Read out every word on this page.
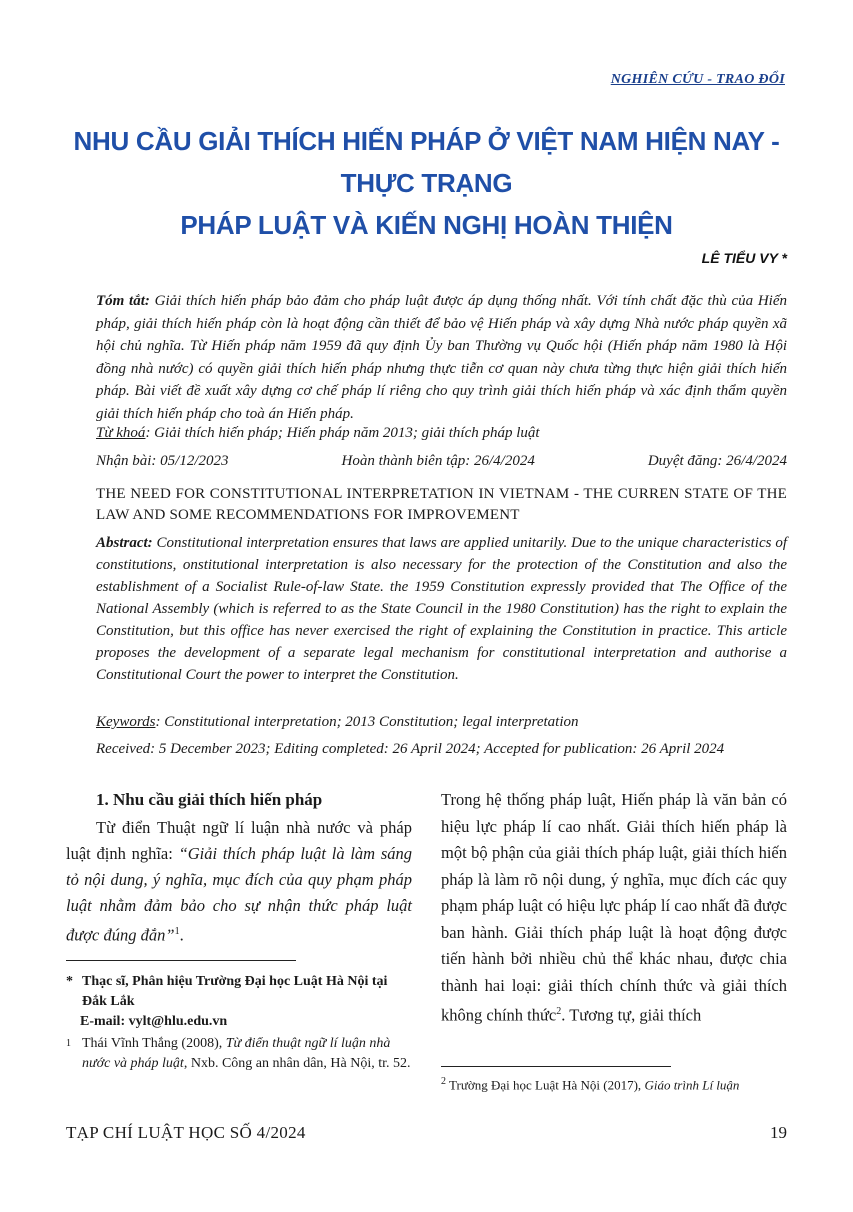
NGHIÊN CỨU - TRAO ĐỔI
NHU CẦU GIẢI THÍCH HIẾN PHÁP Ở VIỆT NAM HIỆN NAY - THỰC TRẠNG
PHÁP LUẬT VÀ KIẾN NGHỊ HOÀN THIỆN
LÊ TIỂU VY *
Tóm tắt: Giải thích hiến pháp bảo đảm cho pháp luật được áp dụng thống nhất. Với tính chất đặc thù của Hiến pháp, giải thích hiến pháp còn là hoạt động cần thiết để bảo vệ Hiến pháp và xây dựng Nhà nước pháp quyền xã hội chủ nghĩa. Từ Hiến pháp năm 1959 đã quy định Ủy ban Thường vụ Quốc hội (Hiến pháp năm 1980 là Hội đồng nhà nước) có quyền giải thích hiến pháp nhưng thực tiễn cơ quan này chưa từng thực hiện giải thích hiến pháp. Bài viết đề xuất xây dựng cơ chế pháp lí riêng cho quy trình giải thích hiến pháp và xác định thẩm quyền giải thích hiến pháp cho toà án Hiến pháp.
Từ khoá: Giải thích hiến pháp; Hiến pháp năm 2013; giải thích pháp luật
Nhận bài: 05/12/2023	Hoàn thành biên tập: 26/4/2024	Duyệt đăng: 26/4/2024
THE NEED FOR CONSTITUTIONAL INTERPRETATION IN VIETNAM - THE CURREN STATE OF THE LAW AND SOME RECOMMENDATIONS FOR IMPROVEMENT
Abstract: Constitutional interpretation ensures that laws are applied unitarily. Due to the unique characteristics of constitutions, onstitutional interpretation is also necessary for the protection of the Constitution and also the establishment of a Socialist Rule-of-law State. the 1959 Constitution expressly provided that The Office of the National Assembly (which is referred to as the State Council in the 1980 Constitution) has the right to explain the Constitution, but this office has never exercised the right of explaining the Constitution in practice. This article proposes the development of a separate legal mechanism for constitutional interpretation and authorise a Constitutional Court the power to interpret the Constitution.
Keywords: Constitutional interpretation; 2013 Constitution; legal interpretation
Received: 5 December 2023; Editing completed: 26 April 2024; Accepted for publication: 26 April 2024
1. Nhu cầu giải thích hiến pháp

Từ điển Thuật ngữ lí luận nhà nước và pháp luật định nghĩa: “Giải thích pháp luật là làm sáng tỏ nội dung, ý nghĩa, mục đích của quy phạm pháp luật nhằm đảm bảo cho sự nhận thức pháp luật được đúng đắn”$^1$.

Trong hệ thống pháp luật, Hiến pháp là văn bản có hiệu lực pháp lí cao nhất. Giải thích hiến pháp là một bộ phận của giải thích pháp luật, giải thích hiến pháp là làm rõ nội dung, ý nghĩa, mục đích các quy phạm pháp luật có hiệu lực pháp lí cao nhất đã được ban hành. Giải thích pháp luật là hoạt động được tiến hành bởi nhiều chủ thể khác nhau, được chia thành hai loại: giải thích chính thức và giải thích không chính thức$^2$. Tương tự, giải thích

* Thạc sĩ, Phân hiệu Trường Đại học Luật Hà Nội tại Đắk Lắk
E-mail: vylt@hlu.edu.vn
1 Thái Vĩnh Thắng (2008), Từ điển thuật ngữ lí luận nhà nước và pháp luật, Nxb. Công an nhân dân, Hà Nội, tr. 52.
$^2$ Trường Đại học Luật Hà Nội (2017), Giáo trình Lí luận
TẠP CHÍ LUẬT HỌC SỐ 4/2024	19
